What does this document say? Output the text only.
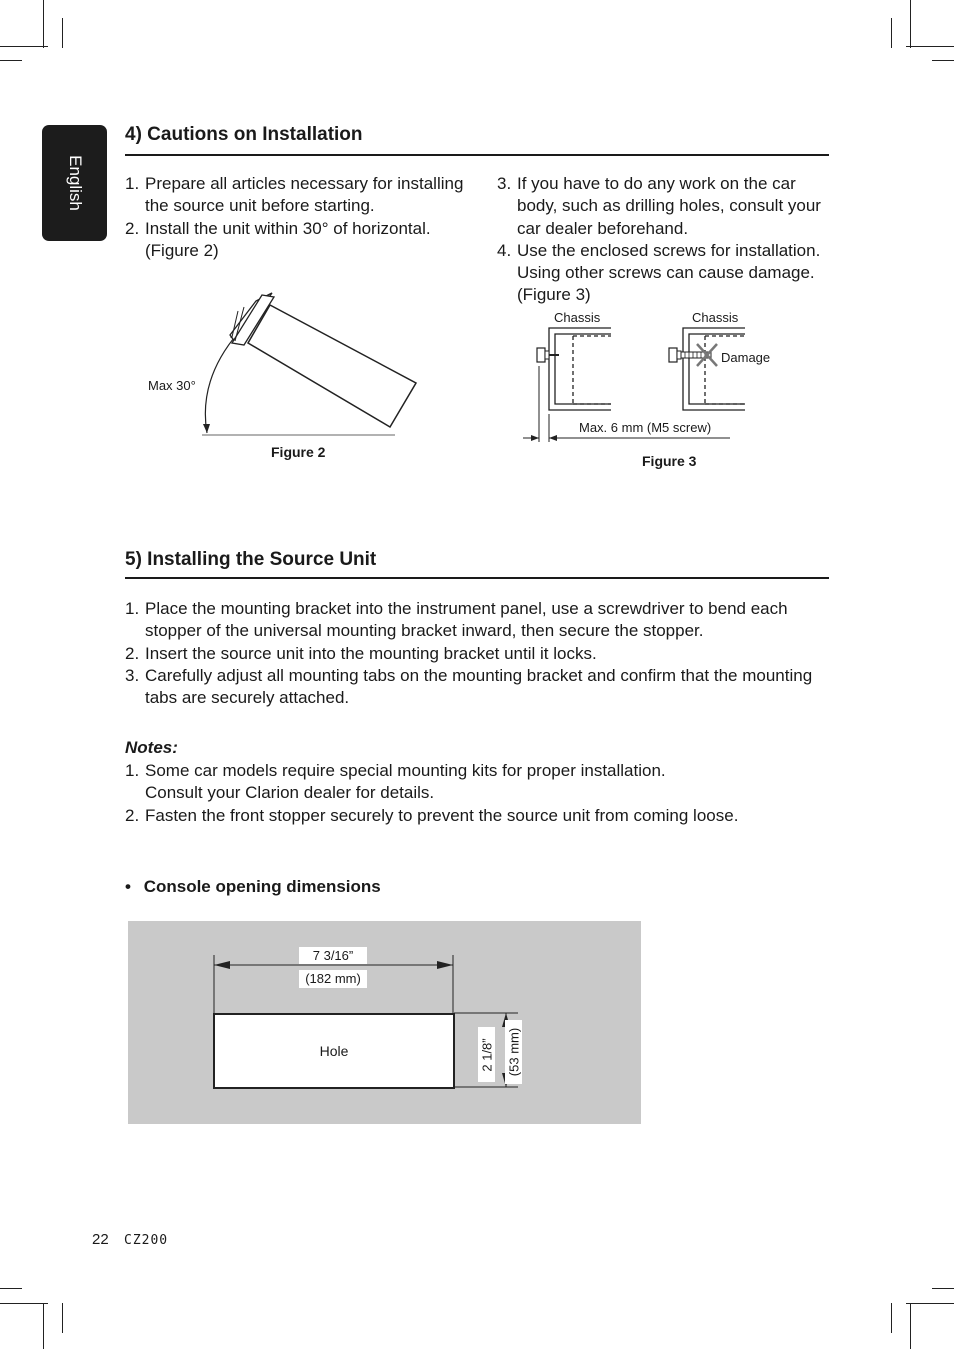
English
4) Cautions on Installation
1. Prepare all articles necessary for installing the source unit before starting.
2. Install the unit within 30° of horizontal. (Figure 2)
3. If you have to do any work on the car body, such as drilling holes, consult your car dealer beforehand.
4. Use the enclosed screws for installation. Using other screws can cause damage. (Figure 3)
Max 30°
Figure 2
Chassis	Chassis
Damage
Max. 6 mm (M5 screw)
Figure 3
5) Installing the Source Unit
1. Place the mounting bracket into the instrument panel, use a screwdriver to bend each stopper of the universal mounting bracket inward, then secure the stopper.
2. Insert the source unit into the mounting bracket until it locks.
3. Carefully adjust all mounting tabs on the mounting bracket and confirm that the mounting tabs are securely attached.
Notes:
1. Some car models require special mounting kits for proper installation.
Consult your Clarion dealer for details.
2. Fasten the front stopper securely to prevent the source unit from coming loose.
• Console opening dimensions
7 3/16”
(182 mm)
Hole	2 1/8” (53 mm)
22 CZ200
